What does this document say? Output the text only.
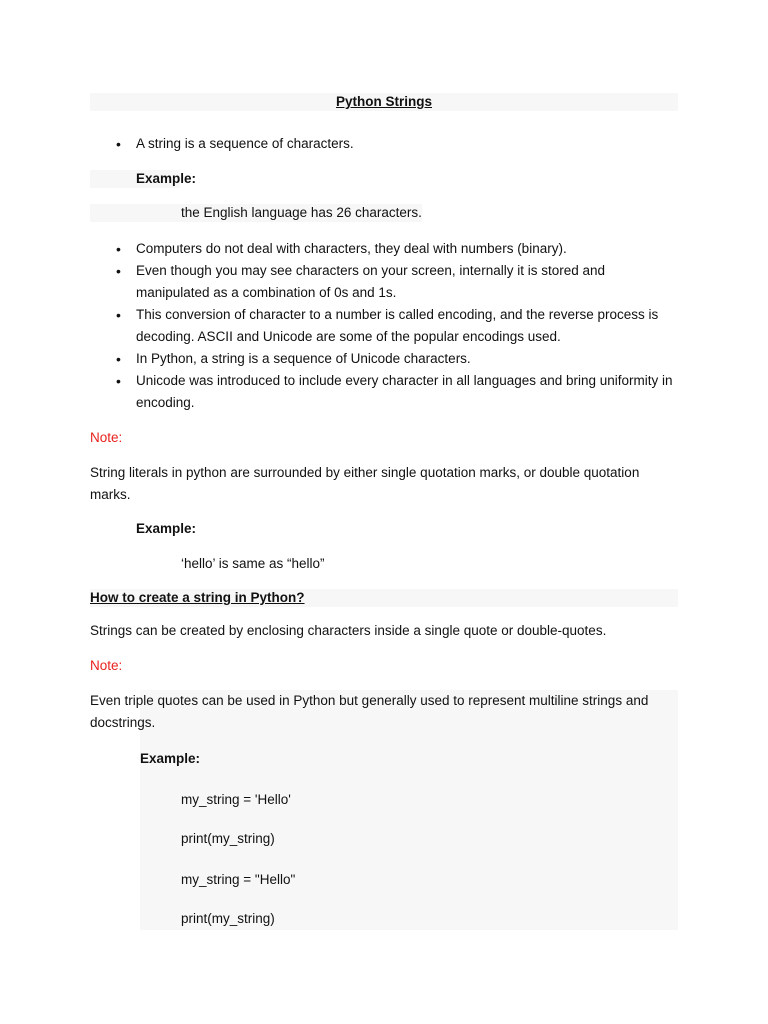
Python Strings
• A string is a sequence of characters.
Example:
the English language has 26 characters.
• Computers do not deal with characters, they deal with numbers (binary).
• Even though you may see characters on your screen, internally it is stored and manipulated as a combination of 0s and 1s.
• This conversion of character to a number is called encoding, and the reverse process is decoding. ASCII and Unicode are some of the popular encodings used.
• In Python, a string is a sequence of Unicode characters.
• Unicode was introduced to include every character in all languages and bring uniformity in encoding.
Note:
String literals in python are surrounded by either single quotation marks, or double quotation marks.
Example:
‘hello’ is same as “hello”
How to create a string in Python?
Strings can be created by enclosing characters inside a single quote or double-quotes.
Note:
Even triple quotes can be used in Python but generally used to represent multiline strings and docstrings.
Example:
my_string = 'Hello'
print(my_string)
my_string = "Hello"
print(my_string)
